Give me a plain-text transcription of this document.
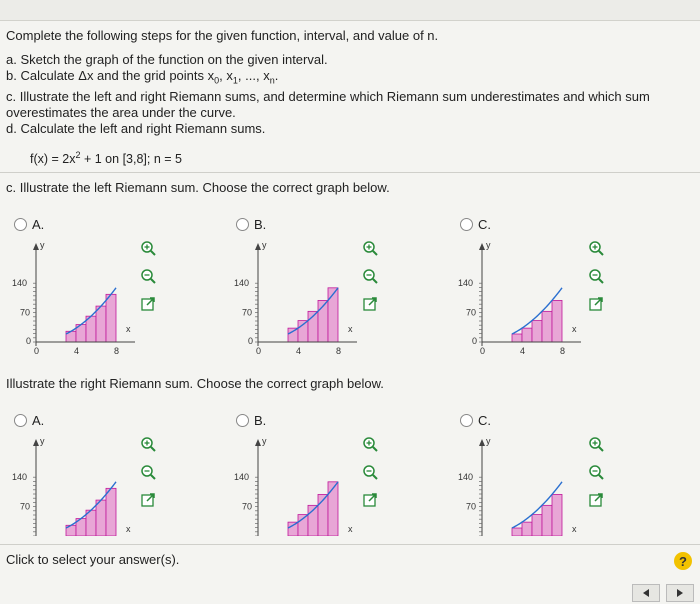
Complete the following steps for the given function, interval, and value of n.

a. Sketch the graph of the function on the given interval.

b. Calculate Δx and the grid points $x_0$, $x_1$, ..., $x_n$.

c. Illustrate the left and right Riemann sums, and determine which Riemann sum underestimates and which sum

overestimates the area under the curve.

d. Calculate the left and right Riemann sums.

$f(x) = 2x^2 + 1$ on [3,8]; n = 5
c. Illustrate the left Riemann sum. Choose the correct graph below.
A.	B.	C.
y
140
70
0
0	4	8
x
y
140
70
0
0	4	8
x
y
140
70
0
0	4	8
x
Illustrate the right Riemann sum. Choose the correct graph below.
A.	B.	C.
y
140
70
x
y
140
70
x
y
140
70
x
Click to select your answer(s).	?
